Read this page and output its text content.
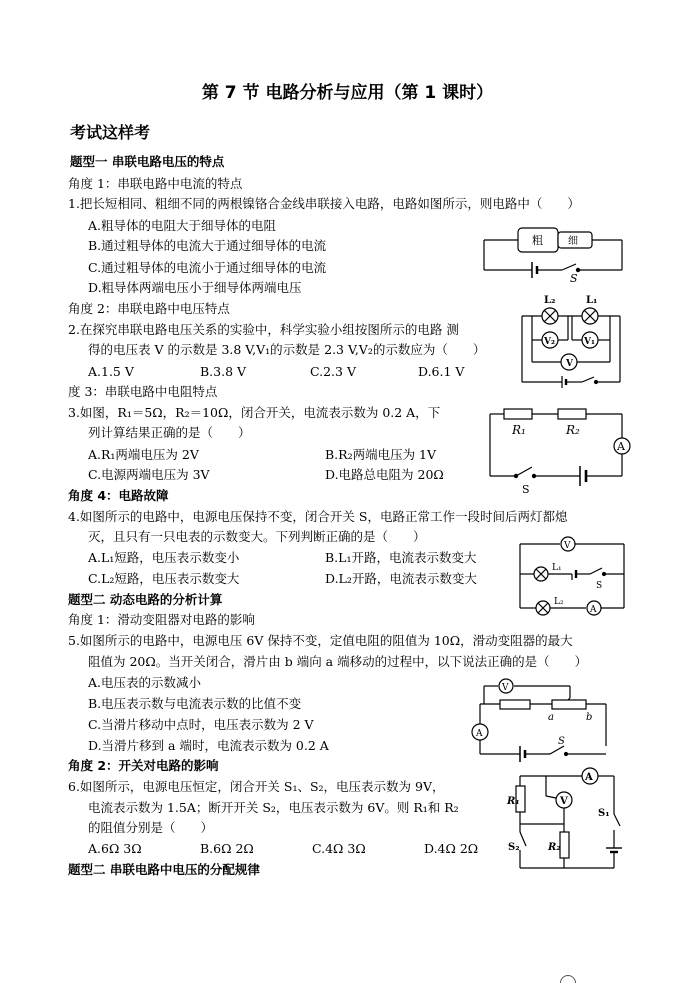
第 7 节 电路分析与应用（第 1 课时）
考试这样考
题型一 串联电路电压的特点
角度 1：串联电路中电流的特点
1.把长短相同、粗细不同的两根镍铬合金线串联接入电路，电路如图所示，则电路中（　　）
A.粗导体的电阻大于细导体的电阻
B.通过粗导体的电流大于通过细导体的电流
C.通过粗导体的电流小于通过细导体的电流
D.粗导体两端电压小于细导体两端电压
角度 2：串联电路中电压特点
2.在探究串联电路电压关系的实验中，科学实验小组按图所示的电路 测
得的电压表 V 的示数是 3.8 V,V₁的示数是 2.3 V,V₂的示数应为（　　）
A.1.5 V	B.3.8 V	C.2.3 V	D.6.1 V
度 3：串联电路中电阻特点
3.如图，R₁＝5Ω，R₂＝10Ω，闭合开关，电流表示数为 0.2 A，下
列计算结果正确的是（　　）
A.R₁两端电压为 2V	B.R₂两端电压为 1V
C.电源两端电压为 3V	D.电路总电阻为 20Ω
角度 4：电路故障
4.如图所示的电路中，电源电压保持不变，闭合开关 S，电路正常工作一段时间后两灯都熄
灭，且只有一只电表的示数变大。下列判断正确的是（　　）
A.L₁短路，电压表示数变小	B.L₁开路，电流表示数变大
C.L₂短路，电压表示数变大	D.L₂开路，电流表示数变大
题型二 动态电路的分析计算
角度 1：滑动变阻器对电路的影响
5.如图所示的电路中，电源电压 6V 保持不变，定值电阻的阻值为 10Ω，滑动变阻器的最大
阻值为 20Ω。当开关闭合，滑片由 b 端向 a 端移动的过程中，以下说法正确的是（　　）
A.电压表的示数减小
B.电压表示数与电流表示数的比值不变
C.当滑片移动中点时，电压表示数为 2 V
D.当滑片移到 a 端时，电流表示数为 0.2 A
角度 2：开关对电路的影响
6.如图所示，电源电压恒定，闭合开关 S₁、S₂，电压表示数为 9V，
电流表示数为 1.5A；断开开关 S₂，电压表示数为 6V。则 R₁和 R₂
的阻值分别是（　　）
A.6Ω 3Ω	B.6Ω 2Ω	C.4Ω 3Ω	D.4Ω 2Ω
题型二 串联电路中电压的分配规律
粗	细
S
L₂	L₁
V₂	V₁
V
R₁	R₂
A
S
V
L₁
S
L₂
A
V
A
a	b
S
A
R₁	V
S₁
S₂	R₂
